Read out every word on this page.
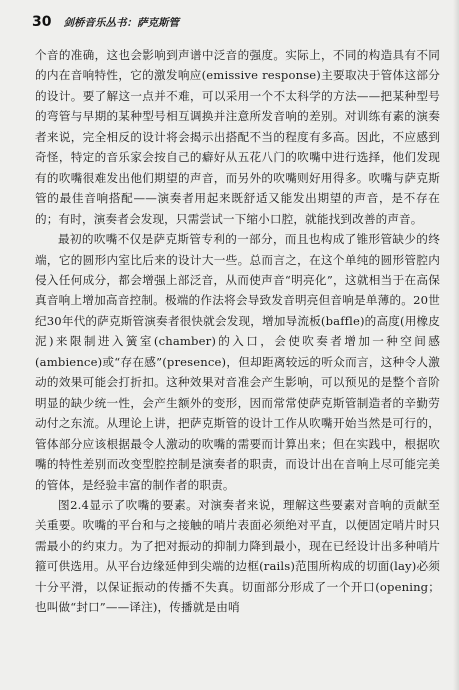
30 剑桥音乐丛书：萨克斯管

个音的准确，这也会影响到声谱中泛音的强度。实际上，不同的构造具有不同的内在音响特性，它的激发响应(emissive response)主要取决于管体这部分的设计。要了解这一点并不难，可以采用一个不太科学的方法——把某种型号的弯管与早期的某种型号相互调换并注意所发音响的差别。对训练有素的演奏者来说，完全相反的设计将会揭示出搭配不当的程度有多高。因此，不应感到奇怪，特定的音乐家会按自己的癖好从五花八门的吹嘴中进行选择，他们发现有的吹嘴很难发出他们期望的声音，而另外的吹嘴则好用得多。吹嘴与萨克斯管的最佳音响搭配——演奏者用起来既舒适又能发出期望的声音，是不存在的；有时，演奏者会发现，只需尝试一下缩小口腔，就能找到改善的声音。

最初的吹嘴不仅是萨克斯管专利的一部分，而且也构成了锥形管缺少的终端，它的圆形内室比后来的设计大一些。总而言之，在这个单纯的圆形管腔内侵入任何成分，都会增强上部泛音，从而使声音“明亮化”，这就相当于在高保真音响上增加高音控制。极端的作法将会导致发音明亮但音响是单薄的。20世纪30年代的萨克斯管演奏者很快就会发现，增加导流板(baffle)的高度(用橡皮泥)来限制进入簧室(chamber)的入口，会使吹奏者增加一种空间感(ambience)或“存在感”(presence)，但却距离较远的听众而言，这种令人激动的效果可能会打折扣。这种效果对音准会产生影响，可以预见的是整个音阶明显的缺少统一性，会产生额外的变形，因而常常使萨克斯管制造者的辛勤劳动付之东流。从理论上讲，把萨克斯管的设计工作从吹嘴开始当然是可行的，管体部分应该根据最令人激动的吹嘴的需要而计算出来；但在实践中，根据吹嘴的特性差别而改变型腔控制是演奏者的职责，而设计出在音响上尽可能完美的管体，是经验丰富的制作者的职责。

图2.4显示了吹嘴的要素。对演奏者来说，理解这些要素对音响的贡献至关重要。吹嘴的平台和与之接触的哨片表面必须绝对平直，以便固定哨片时只需最小的约束力。为了把对振动的抑制力降到最小，现在已经设计出多种哨片箍可供选用。从平台边缘延伸到尖端的边框(rails)范围所构成的切面(lay)必须十分平滑，以保证振动的传播不失真。切面部分形成了一个开口(opening；也叫做“封口”——译注)，传播就是由哨
